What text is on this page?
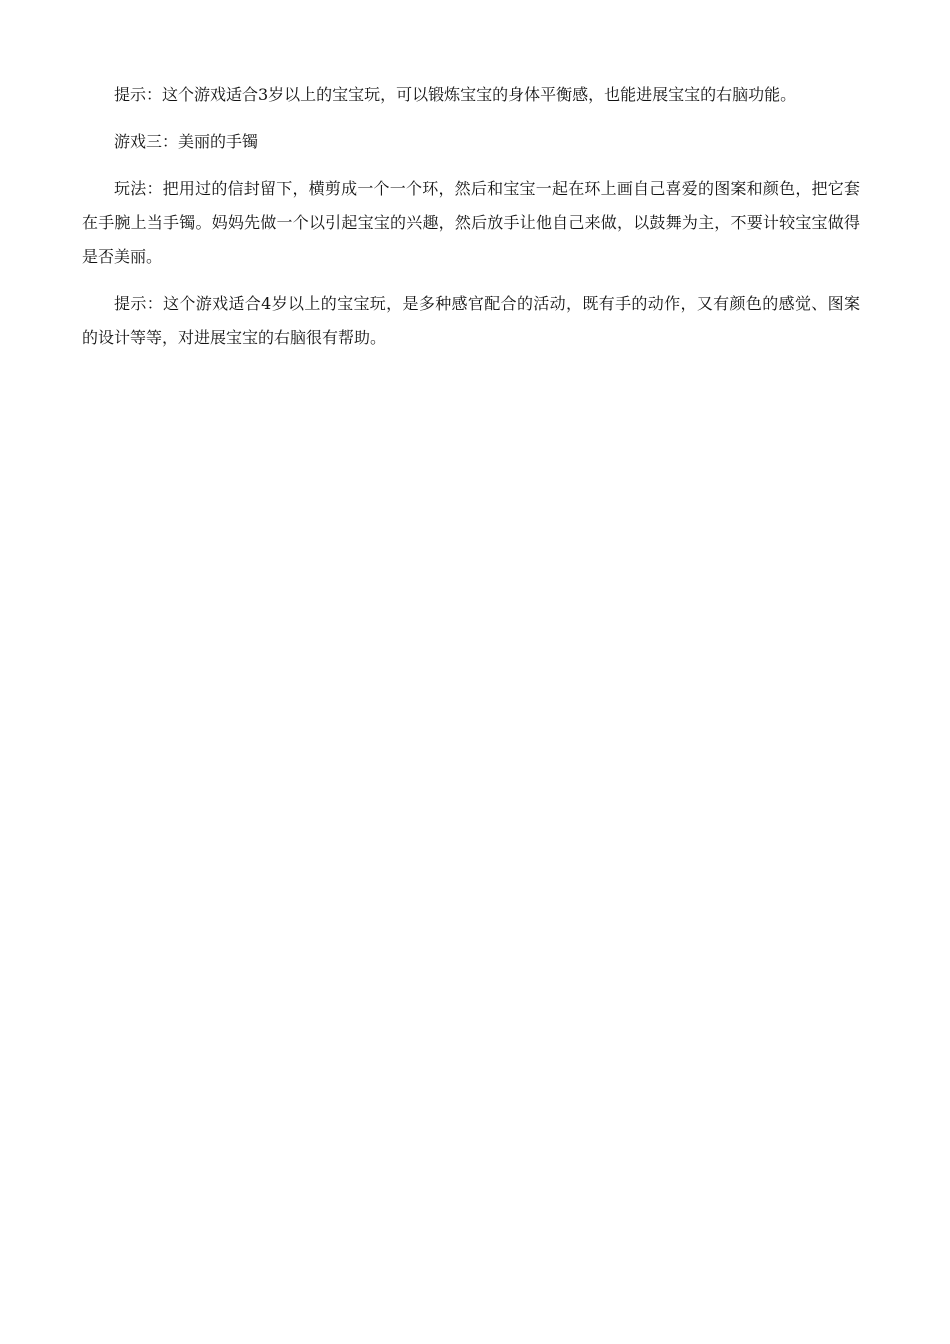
提示：这个游戏适合3岁以上的宝宝玩，可以锻炼宝宝的身体平衡感，也能进展宝宝的右脑功能。

游戏三：美丽的手镯

玩法：把用过的信封留下，横剪成一个一个环，然后和宝宝一起在环上画自己喜爱的图案和颜色，把它套在手腕上当手镯。妈妈先做一个以引起宝宝的兴趣，然后放手让他自己来做，以鼓舞为主，不要计较宝宝做得是否美丽。

提示：这个游戏适合4岁以上的宝宝玩，是多种感官配合的活动，既有手的动作，又有颜色的感觉、图案的设计等等，对进展宝宝的右脑很有帮助。
